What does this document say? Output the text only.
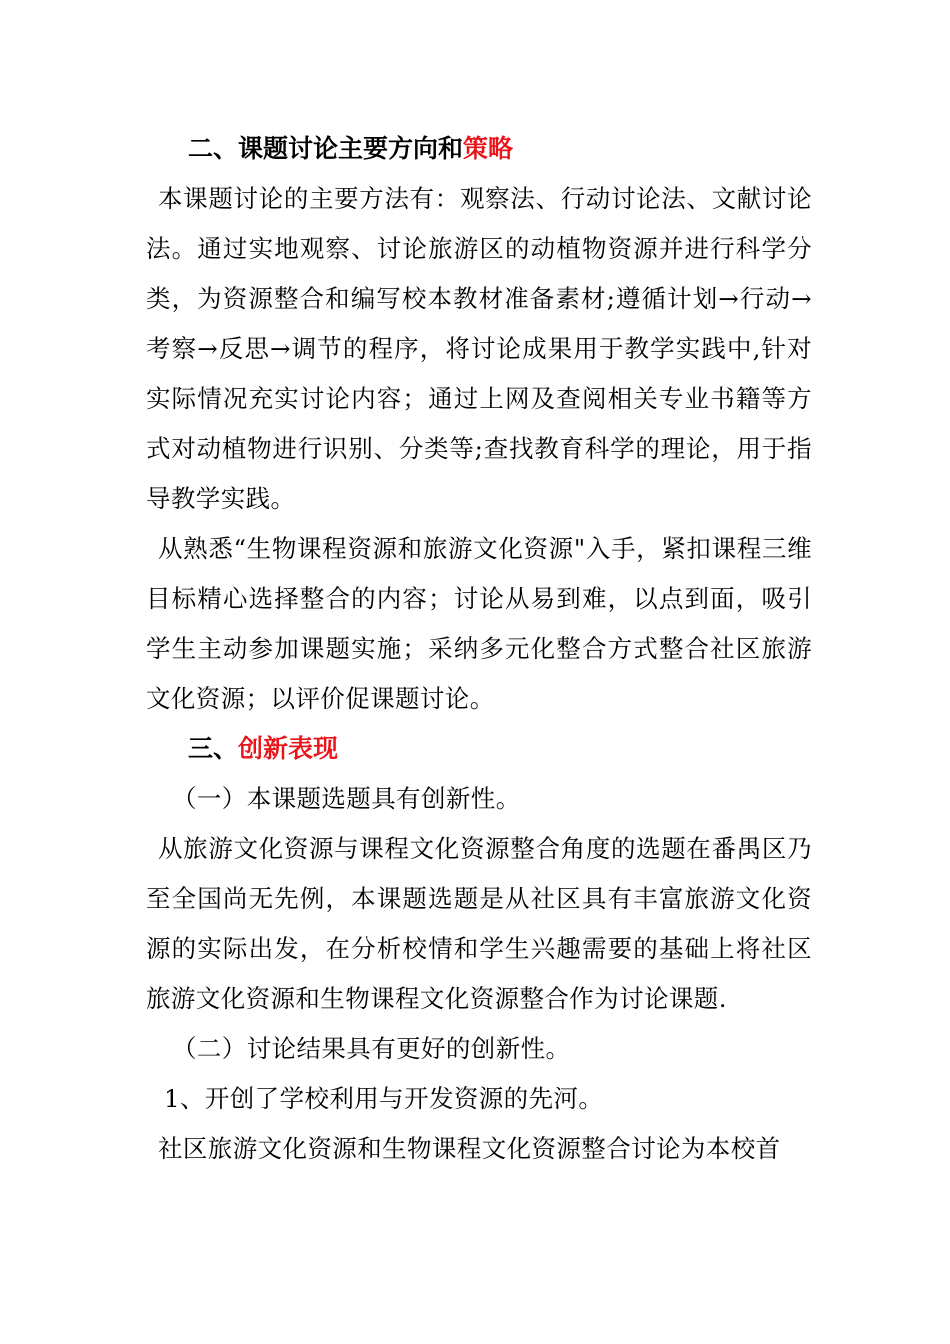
二、课题讨论主要方向和策略

本课题讨论的主要方法有：观察法、行动讨论法、文献讨论法。通过实地观察、讨论旅游区的动植物资源并进行科学分类，为资源整合和编写校本教材准备素材;遵循计划→行动→考察→反思→调节的程序，将讨论成果用于教学实践中,针对实际情况充实讨论内容；通过上网及查阅相关专业书籍等方式对动植物进行识别、分类等;查找教育科学的理论，用于指导教学实践。

从熟悉“生物课程资源和旅游文化资源"入手，紧扣课程三维目标精心选择整合的内容；讨论从易到难，以点到面，吸引学生主动参加课题实施；采纳多元化整合方式整合社区旅游文化资源；以评价促课题讨论。

三、创新表现

（一）本课题选题具有创新性。

从旅游文化资源与课程文化资源整合角度的选题在番禺区乃至全国尚无先例，本课题选题是从社区具有丰富旅游文化资源的实际出发，在分析校情和学生兴趣需要的基础上将社区旅游文化资源和生物课程文化资源整合作为讨论课题.

（二）讨论结果具有更好的创新性。

1、开创了学校利用与开发资源的先河。

社区旅游文化资源和生物课程文化资源整合讨论为本校首
